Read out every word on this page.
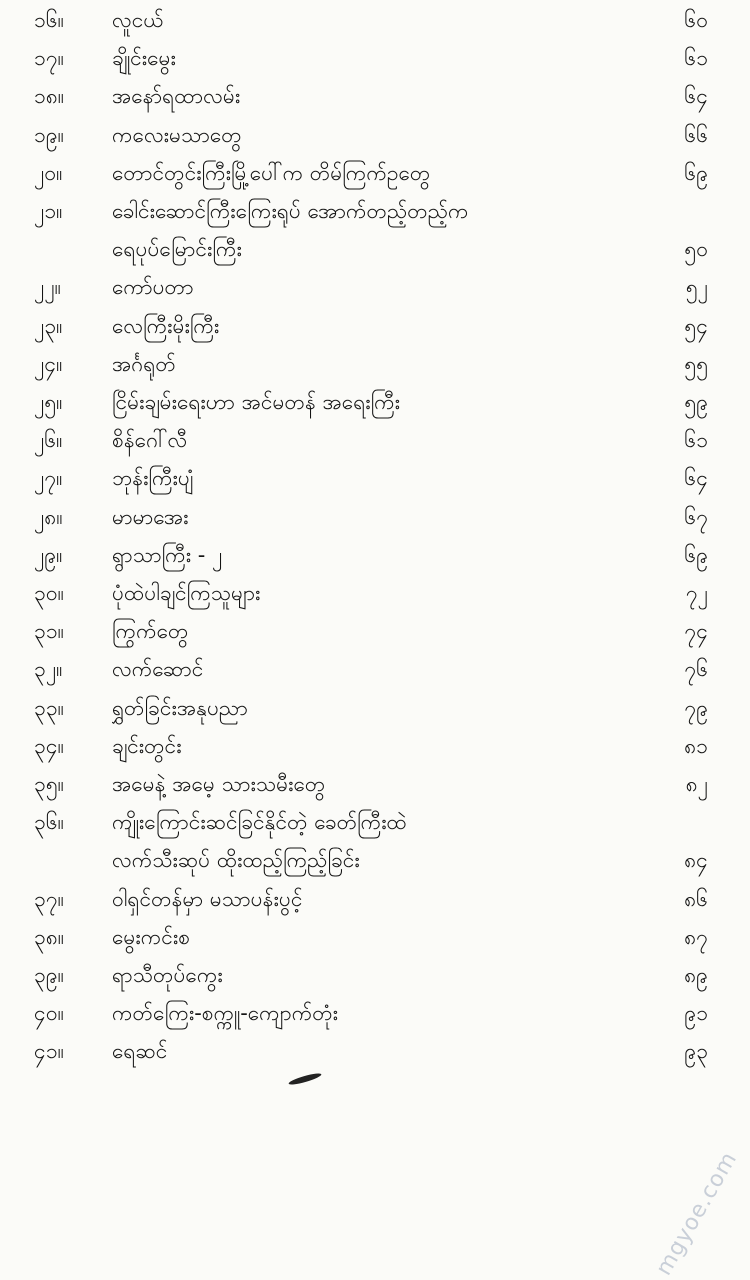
၁၆။	လူငယ်	၆၀
၁၇။	ချိုင်းမွေး	၆၁
၁၈။	အနော်ရထာလမ်း	၆၄
၁၉။	ကလေးမသာတွေ	၆၆
၂၀။	တောင်တွင်းကြီးမြို့ပေါ်က တိမ်ကြက်ဥတွေ	၆၉
၂၁။	ခေါင်းဆောင်ကြီးကြေးရုပ် အောက်တည့်တည့်က
ရေပုပ်မြောင်းကြီး	၅၀
၂၂။	ကော်ပတာ	၅၂
၂၃။	လေကြီးမိုးကြီး	၅၄
၂၄။	အင်္ဂရုတ်	၅၅
၂၅။	ငြိမ်းချမ်းရေးဟာ အင်မတန် အရေးကြီး	၅၉
၂၆။	စိန်ဂေါ်လီ	၆၁
၂၇။	ဘုန်းကြီးပျံ	၆၄
၂၈။	မာမာအေး	၆၇
၂၉။	ရွာသာကြီး - ၂	၆၉
၃၀။	ပုံထဲပါချင်ကြသူများ	၇၂
၃၁။	ကြွက်တွေ	၇၄
၃၂။	လက်ဆောင်	၇၆
၃၃။	ရွှတ်ခြင်းအနုပညာ	၇၉
၃၄။	ချင်းတွင်း	၈၁
၃၅။	အမေနဲ့ အမေ့ သားသမီးတွေ	၈၂
၃၆။	ကျိုးကြောင်းဆင်ခြင်နိုင်တဲ့ ခေတ်ကြီးထဲ
လက်သီးဆုပ် ထိုးထည့်ကြည့်ခြင်း	၈၄
၃၇။	ဝါရှင်တန်မှာ မသာပန်းပွင့်	၈၆
၃၈။	မွေးကင်းစ	၈၇
၃၉။	ရာသီတုပ်ကွေး	၈၉
၄၀။	ကတ်ကြေး-စက္ကူ-ကျောက်တုံး	၉၁
၄၁။	ရေဆင်	၉၃
mgyoe.com
